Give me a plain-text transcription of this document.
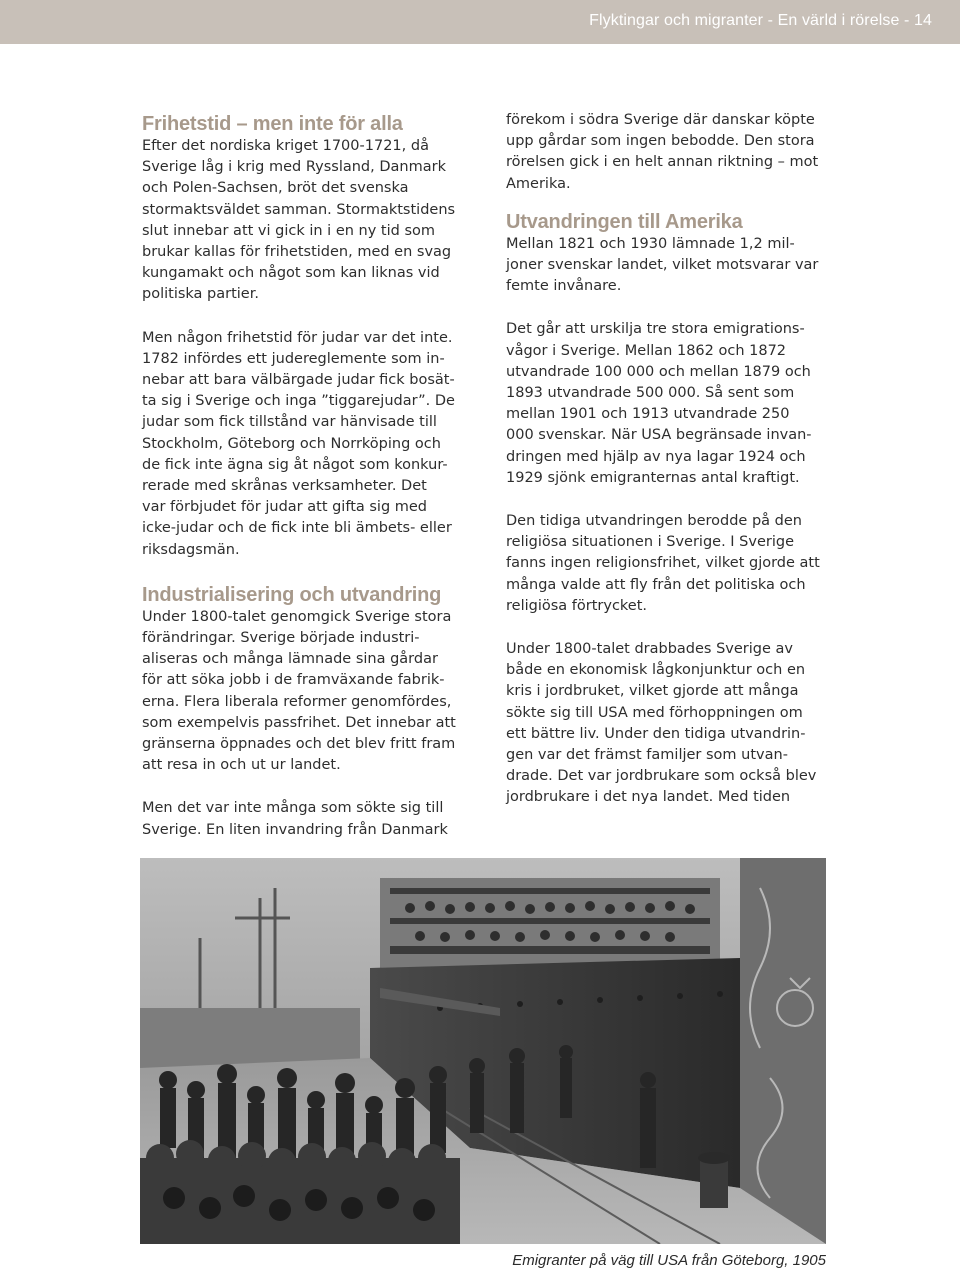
Flyktingar och migranter - En värld i rörelse - 14
Frihetstid – men inte för alla

Efter det nordiska kriget 1700-1721, då
Sverige låg i krig med Ryssland, Danmark
och Polen-Sachsen, bröt det svenska
stormaktsväldet samman. Stormaktstidens
slut innebar att vi gick in i en ny tid som
brukar kallas för frihetstiden, med en svag
kungamakt och något som kan liknas vid
politiska partier.

Men någon frihetstid för judar var det inte.
1782 infördes ett judereglemente som in-
nebar att bara välbärgade judar fick bosät-
ta sig i Sverige och inga ”tiggarejudar”. De
judar som fick tillstånd var hänvisade till
Stockholm, Göteborg och Norrköping och
de fick inte ägna sig åt något som konkur-
rerade med skrånas verksamheter. Det
var förbjudet för judar att gifta sig med
icke-judar och de fick inte bli ämbets- eller
riksdagsmän.

Industrialisering och utvandring

Under 1800-talet genomgick Sverige stora
förändringar. Sverige började industri-
aliseras och många lämnade sina gårdar
för att söka jobb i de framväxande fabrik-
erna. Flera liberala reformer genomfördes,
som exempelvis passfrihet. Det innebar att
gränserna öppnades och det blev fritt fram
att resa in och ut ur landet.

Men det var inte många som sökte sig till
Sverige. En liten invandring från Danmark

förekom i södra Sverige där danskar köpte
upp gårdar som ingen bebodde. Den stora
rörelsen gick i en helt annan riktning – mot
Amerika.

Utvandringen till Amerika

Mellan 1821 och 1930 lämnade 1,2 mil-
joner svenskar landet, vilket motsvarar var
femte invånare.

Det går att urskilja tre stora emigrations-
vågor i Sverige. Mellan 1862 och 1872
utvandrade 100 000 och mellan 1879 och
1893 utvandrade 500 000. Så sent som
mellan 1901 och 1913 utvandrade 250
000 svenskar. När USA begränsade invan-
dringen med hjälp av nya lagar 1924 och
1929 sjönk emigranternas antal kraftigt.

Den tidiga utvandringen berodde på den
religiösa situationen i Sverige. I Sverige
fanns ingen religionsfrihet, vilket gjorde att
många valde att fly från det politiska och
religiösa förtrycket.

Under 1800-talet drabbades Sverige av
både en ekonomisk lågkonjunktur och en
kris i jordbruket, vilket gjorde att många
sökte sig till USA med förhoppningen om
ett bättre liv. Under den tidiga utvandrin-
gen var det främst familjer som utvan-
drade. Det var jordbrukare som också blev
jordbrukare i det nya landet. Med tiden

Emigranter på väg till USA från Göteborg, 1905
